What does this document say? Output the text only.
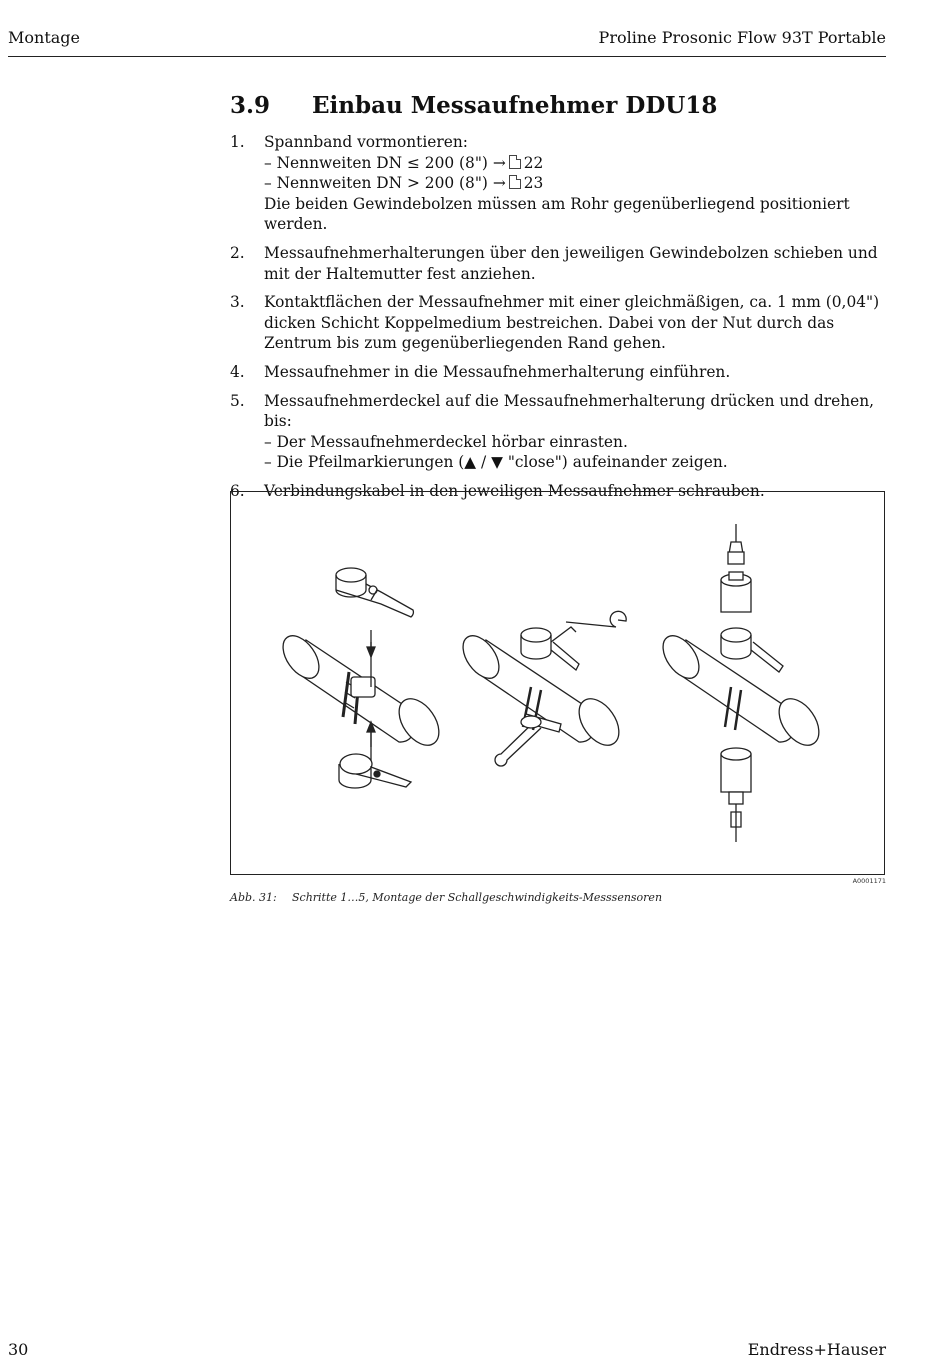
Montage	Proline Prosonic Flow 93T Portable
3.9 Einbau Messaufnehmer DDU18
1.	Spannband vormontieren:
– Nennweiten DN ≤ 200 (8") → 22
– Nennweiten DN > 200 (8") → 23
Die beiden Gewindebolzen müssen am Rohr gegenüberliegend positioniert werden.
2.	Messaufnehmerhalterungen über den jeweiligen Gewindebolzen schieben und mit der Haltemutter fest anziehen.
3.	Kontaktflächen der Messaufnehmer mit einer gleichmäßigen, ca. 1 mm (0,04") dicken Schicht Koppelmedium bestreichen. Dabei von der Nut durch das Zentrum bis zum gegenüberliegenden Rand gehen.
4.	Messaufnehmer in die Messaufnehmerhalterung einführen.
5.	Messaufnehmerdeckel auf die Messaufnehmerhalterung drücken und drehen, bis:
– Der Messaufnehmerdeckel hörbar einrasten.
– Die Pfeilmarkierungen (▲ / ▼ "close") aufeinander zeigen.
6.	Verbindungskabel in den jeweiligen Messaufnehmer schrauben.
A0001171
Abb. 31: Schritte 1…5, Montage der Schallgeschwindigkeits-Messsensoren
30	Endress+Hauser
